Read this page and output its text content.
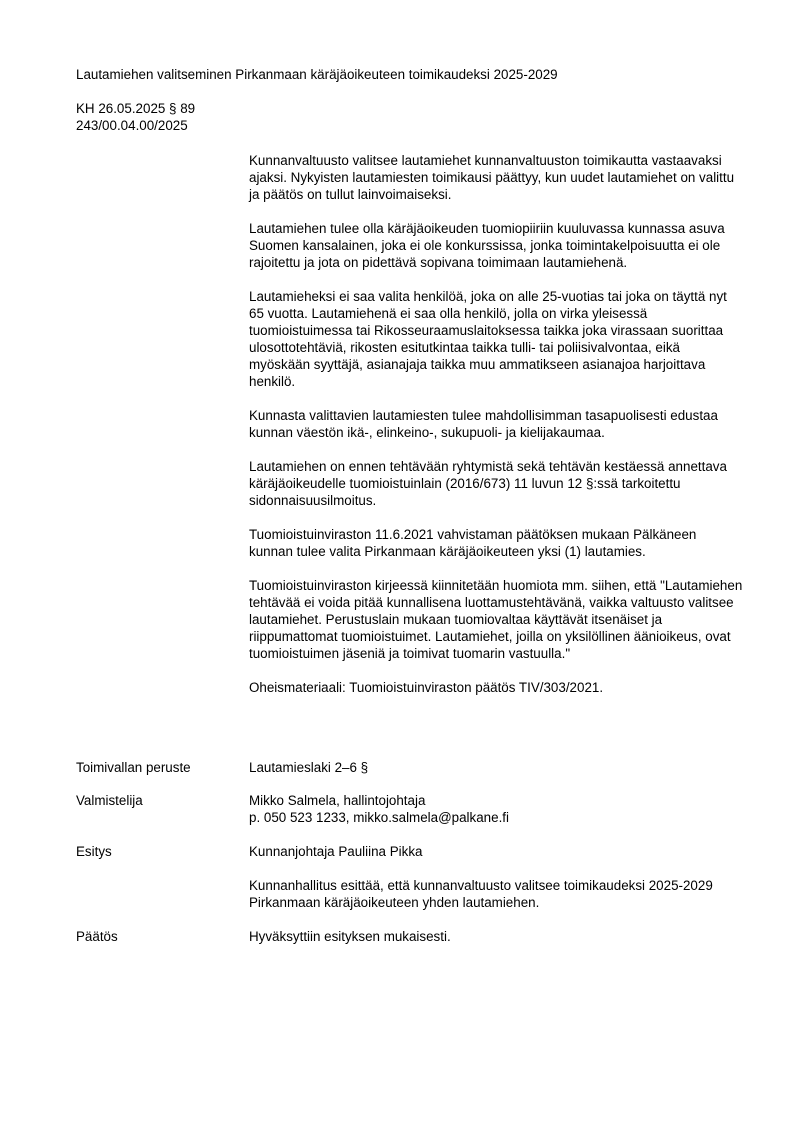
Lautamiehen valitseminen Pirkanmaan käräjäoikeuteen toimikaudeksi 2025-2029
KH 26.05.2025 § 89
243/00.04.00/2025
Kunnanvaltuusto valitsee lautamiehet kunnanvaltuuston toimikautta vastaavaksi ajaksi. Nykyisten lautamiesten toimikausi päättyy, kun uudet lautamiehet on valittu ja päätös on tullut lainvoimaiseksi.
Lautamiehen tulee olla käräjäoikeuden tuomiopiiriin kuuluvassa kunnassa asuva Suomen kansalainen, joka ei ole konkurssissa, jonka toimintakelpoisuutta ei ole rajoitettu ja jota on pidettävä sopivana toimimaan lautamiehenä.
Lautamieheksi ei saa valita henkilöä, joka on alle 25-vuotias tai joka on täyttä nyt 65 vuotta. Lautamiehenä ei saa olla henkilö, jolla on virka yleisessä tuomioistuimessa tai Rikosseuraamuslaitoksessa taikka joka virassaan suorittaa ulosottotehtäviä, rikosten esitutkintaa taikka tulli- tai poliisivalvontaa, eikä myöskään syyttäjä, asianajaja taikka muu ammatikseen asianajoa harjoittava henkilö.
Kunnasta valittavien lautamiesten tulee mahdollisimman tasapuolisesti edustaa kunnan väestön ikä-, elinkeino-, sukupuoli- ja kielijakaumaa.
Lautamiehen on ennen tehtävään ryhtymistä sekä tehtävän kestäessä annettava käräjäoikeudelle tuomioistuinlain (2016/673) 11 luvun 12 §:ssä tarkoitettu sidonnaisuusilmoitus.
Tuomioistuinviraston 11.6.2021 vahvistaman päätöksen mukaan Pälkäneen kunnan tulee valita Pirkanmaan käräjäoikeuteen yksi (1) lautamies.
Tuomioistuinviraston kirjeessä kiinnitetään huomiota mm. siihen, että "Lautamiehen tehtävää ei voida pitää kunnallisena luottamustehtävänä, vaikka valtuusto valitsee lautamiehet. Perustuslain mukaan tuomiovaltaa käyttävät itsenäiset ja riippumattomat tuomioistuimet. Lautamiehet, joilla on yksilöllinen äänioikeus, ovat tuomioistuimen jäseniä ja toimivat tuomarin vastuulla."
Oheismateriaali: Tuomioistuinviraston päätös TIV/303/2021.
Toimivallan peruste	Lautamieslaki 2–6 §
Valmistelija	Mikko Salmela, hallintojohtaja
p. 050 523 1233, mikko.salmela@palkane.fi
Esitys	Kunnanjohtaja Pauliina Pikka
Kunnanhallitus esittää, että kunnanvaltuusto valitsee toimikaudeksi 2025-2029 Pirkanmaan käräjäoikeuteen yhden lautamiehen.
Päätös	Hyväksyttiin esityksen mukaisesti.
